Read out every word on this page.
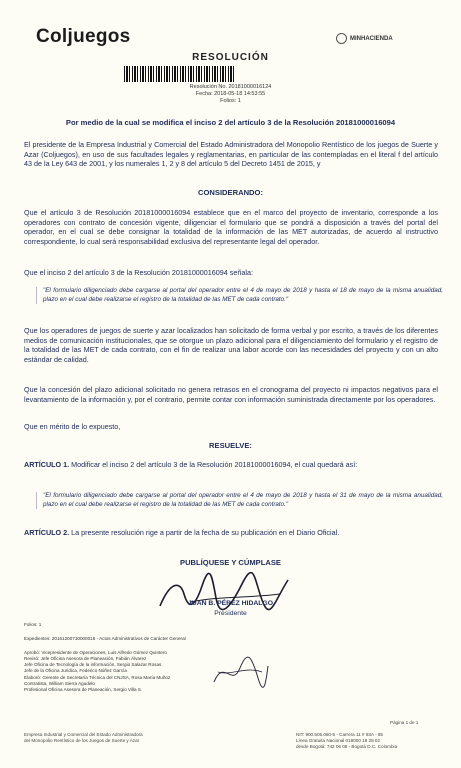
Coljuegos	MINHACIENDA
RESOLUCIÓN
Resolución No. 20181000016124
Fecha: 2018-05-18 14:53:55
Folios: 1

Por medio de la cual se modifica el inciso 2 del artículo 3 de la Resolución 20181000016094

El presidente de la Empresa Industrial y Comercial del Estado Administradora del Monopolio Rentístico de los juegos de Suerte y Azar (Coljuegos), en uso de sus facultades legales y reglamentarias, en particular de las contempladas en el literal f del artículo 43 de la Ley 643 de 2001, y los numerales 1, 2 y 8 del artículo 5 del Decreto 1451 de 2015, y

CONSIDERANDO:

Que el artículo 3 de Resolución 20181000016094 establece que en el marco del proyecto de inventario, corresponde a los operadores con contrato de concesión vigente, diligenciar el formulario que se pondrá a disposición a través del portal del operador, en el cual se debe consignar la totalidad de la información de las MET autorizadas, de acuerdo al instructivo correspondiente, lo cual será responsabilidad exclusiva del representante legal del operador.

Que el inciso 2 del artículo 3 de la Resolución 20181000016094 señala:

"El formulario diligenciado debe cargarse al portal del operador entre el 4 de mayo de 2018 y hasta el 18 de mayo de la misma anualidad, plazo en el cual debe realizarse el registro de la totalidad de las MET de cada contrato."

Que los operadores de juegos de suerte y azar localizados han solicitado de forma verbal y por escrito, a través de los diferentes medios de comunicación institucionales, que se otorgue un plazo adicional para el diligenciamiento del formulario y el registro de la totalidad de las MET de cada contrato, con el fin de realizar una labor acorde con las necesidades del proyecto y con un alto estándar de calidad.

Que la concesión del plazo adicional solicitado no genera retrasos en el cronograma del proyecto ni impactos negativos para el levantamiento de la información y, por el contrario, permite contar con información suministrada directamente por los operadores.

Que en mérito de lo expuesto,

RESUELVE:

ARTÍCULO 1. Modificar el inciso 2 del artículo 3 de la Resolución 20181000016094, el cual quedará así:

"El formulario diligenciado debe cargarse al portal del operador entre el 4 de mayo de 2018 y hasta el 31 de mayo de la misma anualidad, plazo en el cual debe realizarse el registro de la totalidad de las MET de cada contrato."

ARTÍCULO 2. La presente resolución rige a partir de la fecha de su publicación en el Diario Oficial.

PUBLÍQUESE Y CÚMPLASE

JUAN B. PÉREZ HIDALGO

Presidente

Folios: 1

Expedientes: 20161200710000018 - Actos Administrativos de Carácter General

Aprobó: Vicepresidente de Operaciones, Luis Alfredo Gómez Quintero

Revisó: Jefe Oficina Asesora de Planeación, Fabián Álvarez

Jefe Oficina de Tecnología de la información, Sergio Salazar Rosas

Jefe de la Oficina Jurídica, Federico Núñez García

Elaboró: Gerente de Secretaría Técnica del CNJSA, Rosa María Muñoz

Contratista, William Sierra Agudelo

Profesional Oficina Asesora de Planeación, Sergio Villa S.

Empresa Industrial y Comercial del Estado Administradora

del Monopolio Rentístico de los Juegos de Suerte y Azar

Página 1 de 1

NIT: 900.505.060-5 - Carrera 11 # 93A - 85

Línea Gratuita Nacional 018000 18 28 02

desde Bogotá: 742 06 06 - Bogotá D.C. Colombia
